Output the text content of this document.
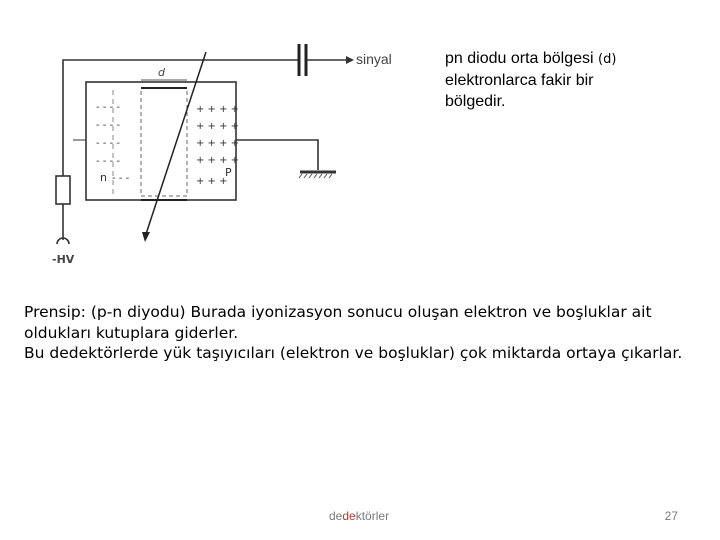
sinyal
- - - -
- - - -
- - - -
- - - -
n - - -
+ + + +
+ + + +
+ + + +
+ + + +
+ + +
P
d
-HV
pn diodu orta bölgesi (d)
elektronlarca fakir bir
bölgedir.

Prensip: (p-n diyodu) Burada iyonizasyon sonucu oluşan elektron ve boşluklar ait oldukları kutuplara giderler.

Bu dedektörlerde yük taşıyıcıları (elektron ve boşluklar) çok miktarda ortaya çıkarlar.

dedektörler	27
